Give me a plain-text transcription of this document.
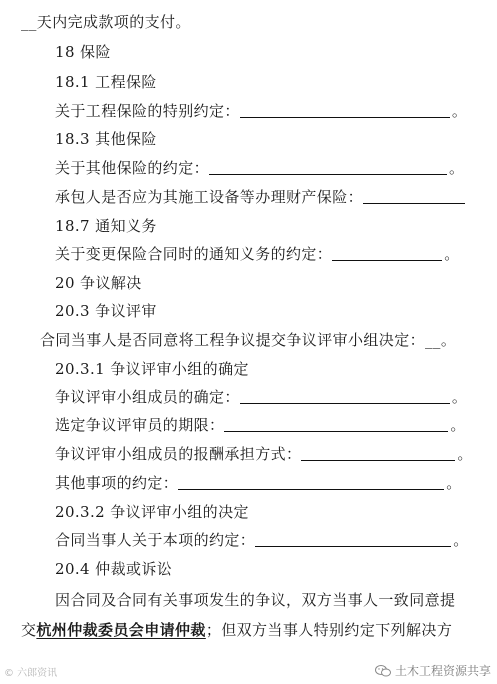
__天内完成款项的支付。
18 保险
18.1 工程保险
关于工程保险的特别约定：	。
18.3 其他保险
关于其他保险的约定：	。
承包人是否应为其施工设备等办理财产保险：
18.7 通知义务
关于变更保险合同时的通知义务的约定：	。
20 争议解决
20.3 争议评审
合同当事人是否同意将工程争议提交争议评审小组决定：__。
20.3.1 争议评审小组的确定
争议评审小组成员的确定：	。
选定争议评审员的期限：	。
争议评审小组成员的报酬承担方式：	。
其他事项的约定：	。
20.3.2 争议评审小组的决定
合同当事人关于本项的约定：	。
20.4 仲裁或诉讼
因合同及合同有关事项发生的争议，双方当事人一致同意提
交杭州仲裁委员会申请仲裁；但双方当事人特别约定下列解决方
© 六郎资讯	土木工程资源共享
